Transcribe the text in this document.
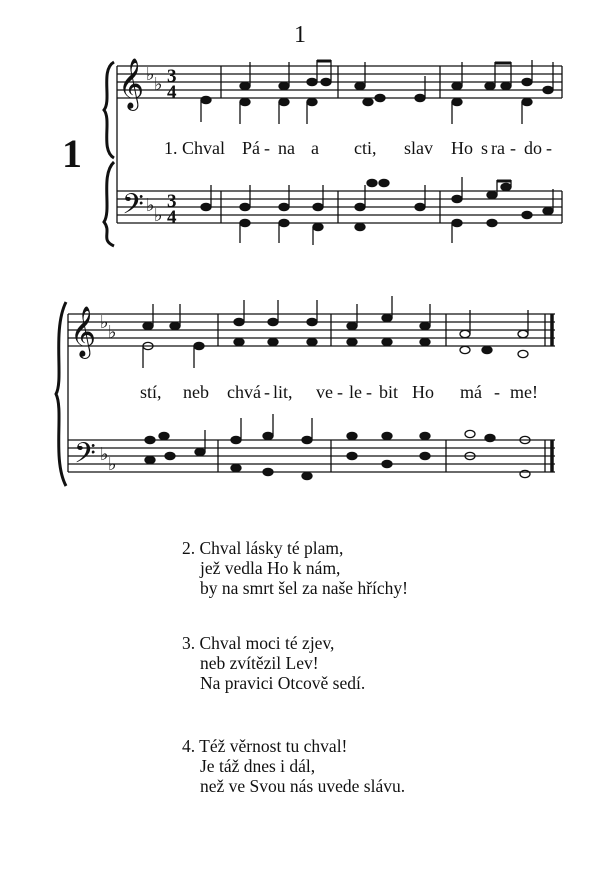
1
1
𝄞
𝄢
♭ ♭
♭ ♭
3
4
3
4
𝄞
𝄢
♭ ♭
♭ ♭
1. Chval Pá - na a cti, slav Ho s ra - do -
stí, neb chvá - lit, ve - le - bit Ho má - me!
2. Chval lásky té plam,
jež vedla Ho k nám,
by na smrt šel za naše hříchy!
3. Chval moci té zjev,
neb zvítězil Lev!
Na pravici Otcově sedí.
4. Též věrnost tu chval!
Je táž dnes i dál,
než ve Svou nás uvede slávu.
